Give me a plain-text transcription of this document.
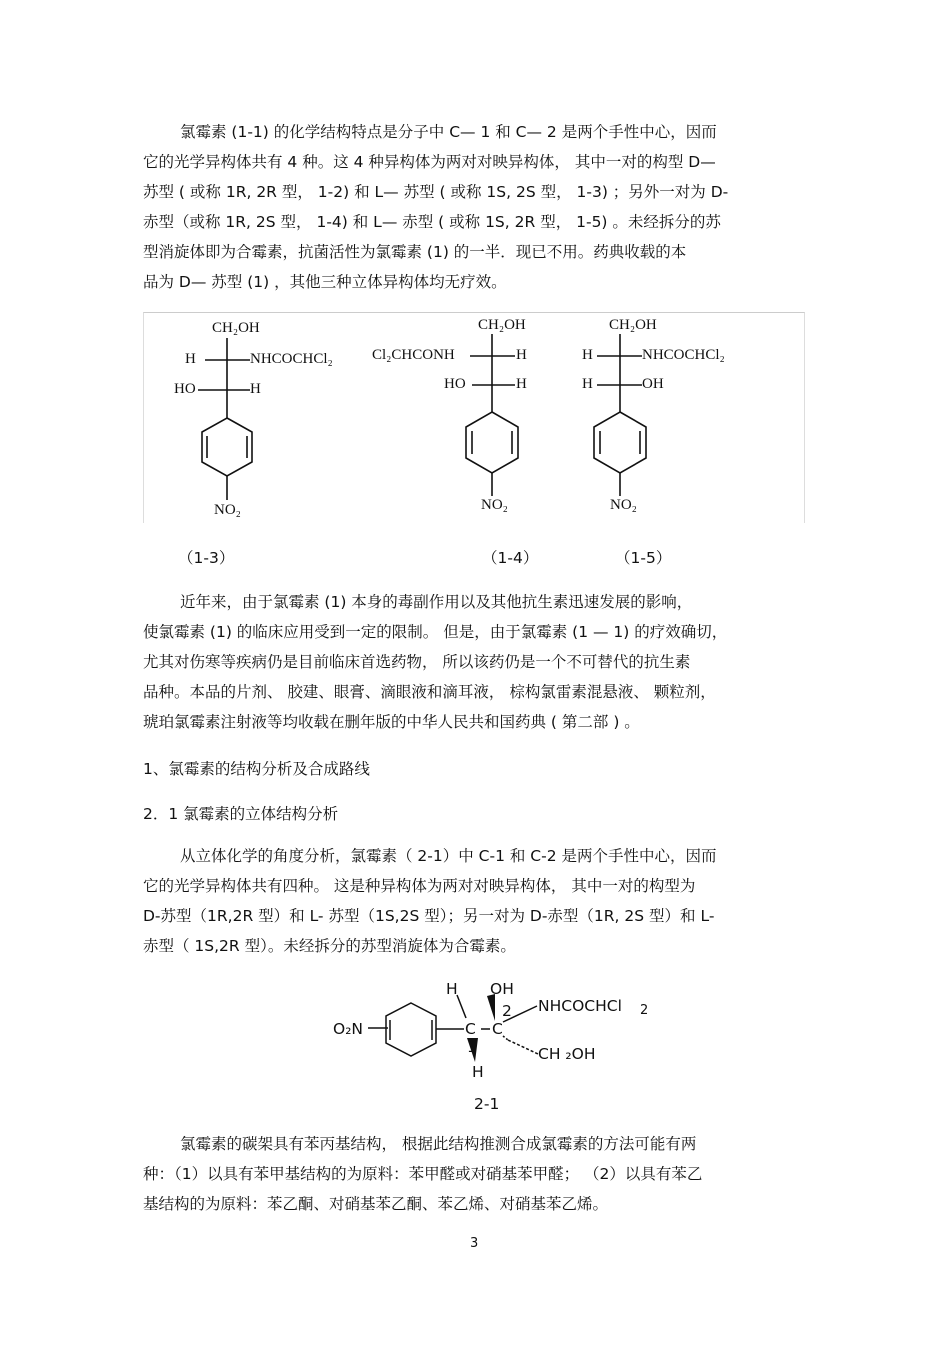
氯霉素 (1-1) 的化学结构特点是分子中 C— 1 和 C— 2 是两个手性中心，因而
它的光学异构体共有 4 种。这 4 种异构体为两对对映异构体， 其中一对的构型 D—
苏型 ( 或称 1R, 2R 型， 1-2) 和 L— 苏型 ( 或称 1S, 2S 型， 1-3) ；另外一对为 D-
赤型（或称 1R, 2S 型， 1-4) 和 L— 赤型 ( 或称 1S, 2R 型， 1-5) 。未经拆分的苏
型消旋体即为合霉素，抗菌活性为氯霉素 (1) 的一半．现已不用。药典收载的本
品为 D— 苏型 (1) ，其他三种立体异构体均无疗效。
CH₂OH
H	NHCOCHCl₂
HO	H
NO₂
CH₂OH
Cl₂CHCONH	H
HO	H
NO₂
CH₂OH
H	NHCOCHCl₂
H	OH
NO₂
（1-3）	（1-4）	（1-5）
近年来，由于氯霉素 (1) 本身的毒副作用以及其他抗生素迅速发展的影响，
使氯霉素 (1) 的临床应用受到一定的限制。 但是，由于氯霉素 (1 — 1) 的疗效确切，
尤其对伤寒等疾病仍是目前临床首选药物， 所以该药仍是一个不可替代的抗生素
品种。本品的片剂、 胶建、眼膏、滴眼液和滴耳液， 棕构氯雷素混悬液、 颗粒剂，
琥珀氯霉素注射液等均收载在删年版的中华人民共和国药典 ( 第二部 ) 。
1、氯霉素的结构分析及合成路线
2．1 氯霉素的立体结构分析
从立体化学的角度分析，氯霉素（ 2-1）中 C-1 和 C-2 是两个手性中心，因而
它的光学异构体共有四种。 这是种异构体为两对对映异构体， 其中一对的构型为
D-苏型（1R,2R 型）和 L- 苏型（1S,2S 型）；另一对为 D-赤型（1R, 2S 型）和 L-
赤型（ 1S,2R 型）。未经拆分的苏型消旋体为合霉素。
O₂N
H OH
2 NHCOCHCl 2
C C
1	CH ₂OH
H
2-1
氯霉素的碳架具有苯丙基结构， 根据此结构推测合成氯霉素的方法可能有两
种：（1）以具有苯甲基结构的为原料：苯甲醛或对硝基苯甲醛； （2）以具有苯乙
基结构的为原料：苯乙酮、对硝基苯乙酮、苯乙烯、对硝基苯乙烯。
3
